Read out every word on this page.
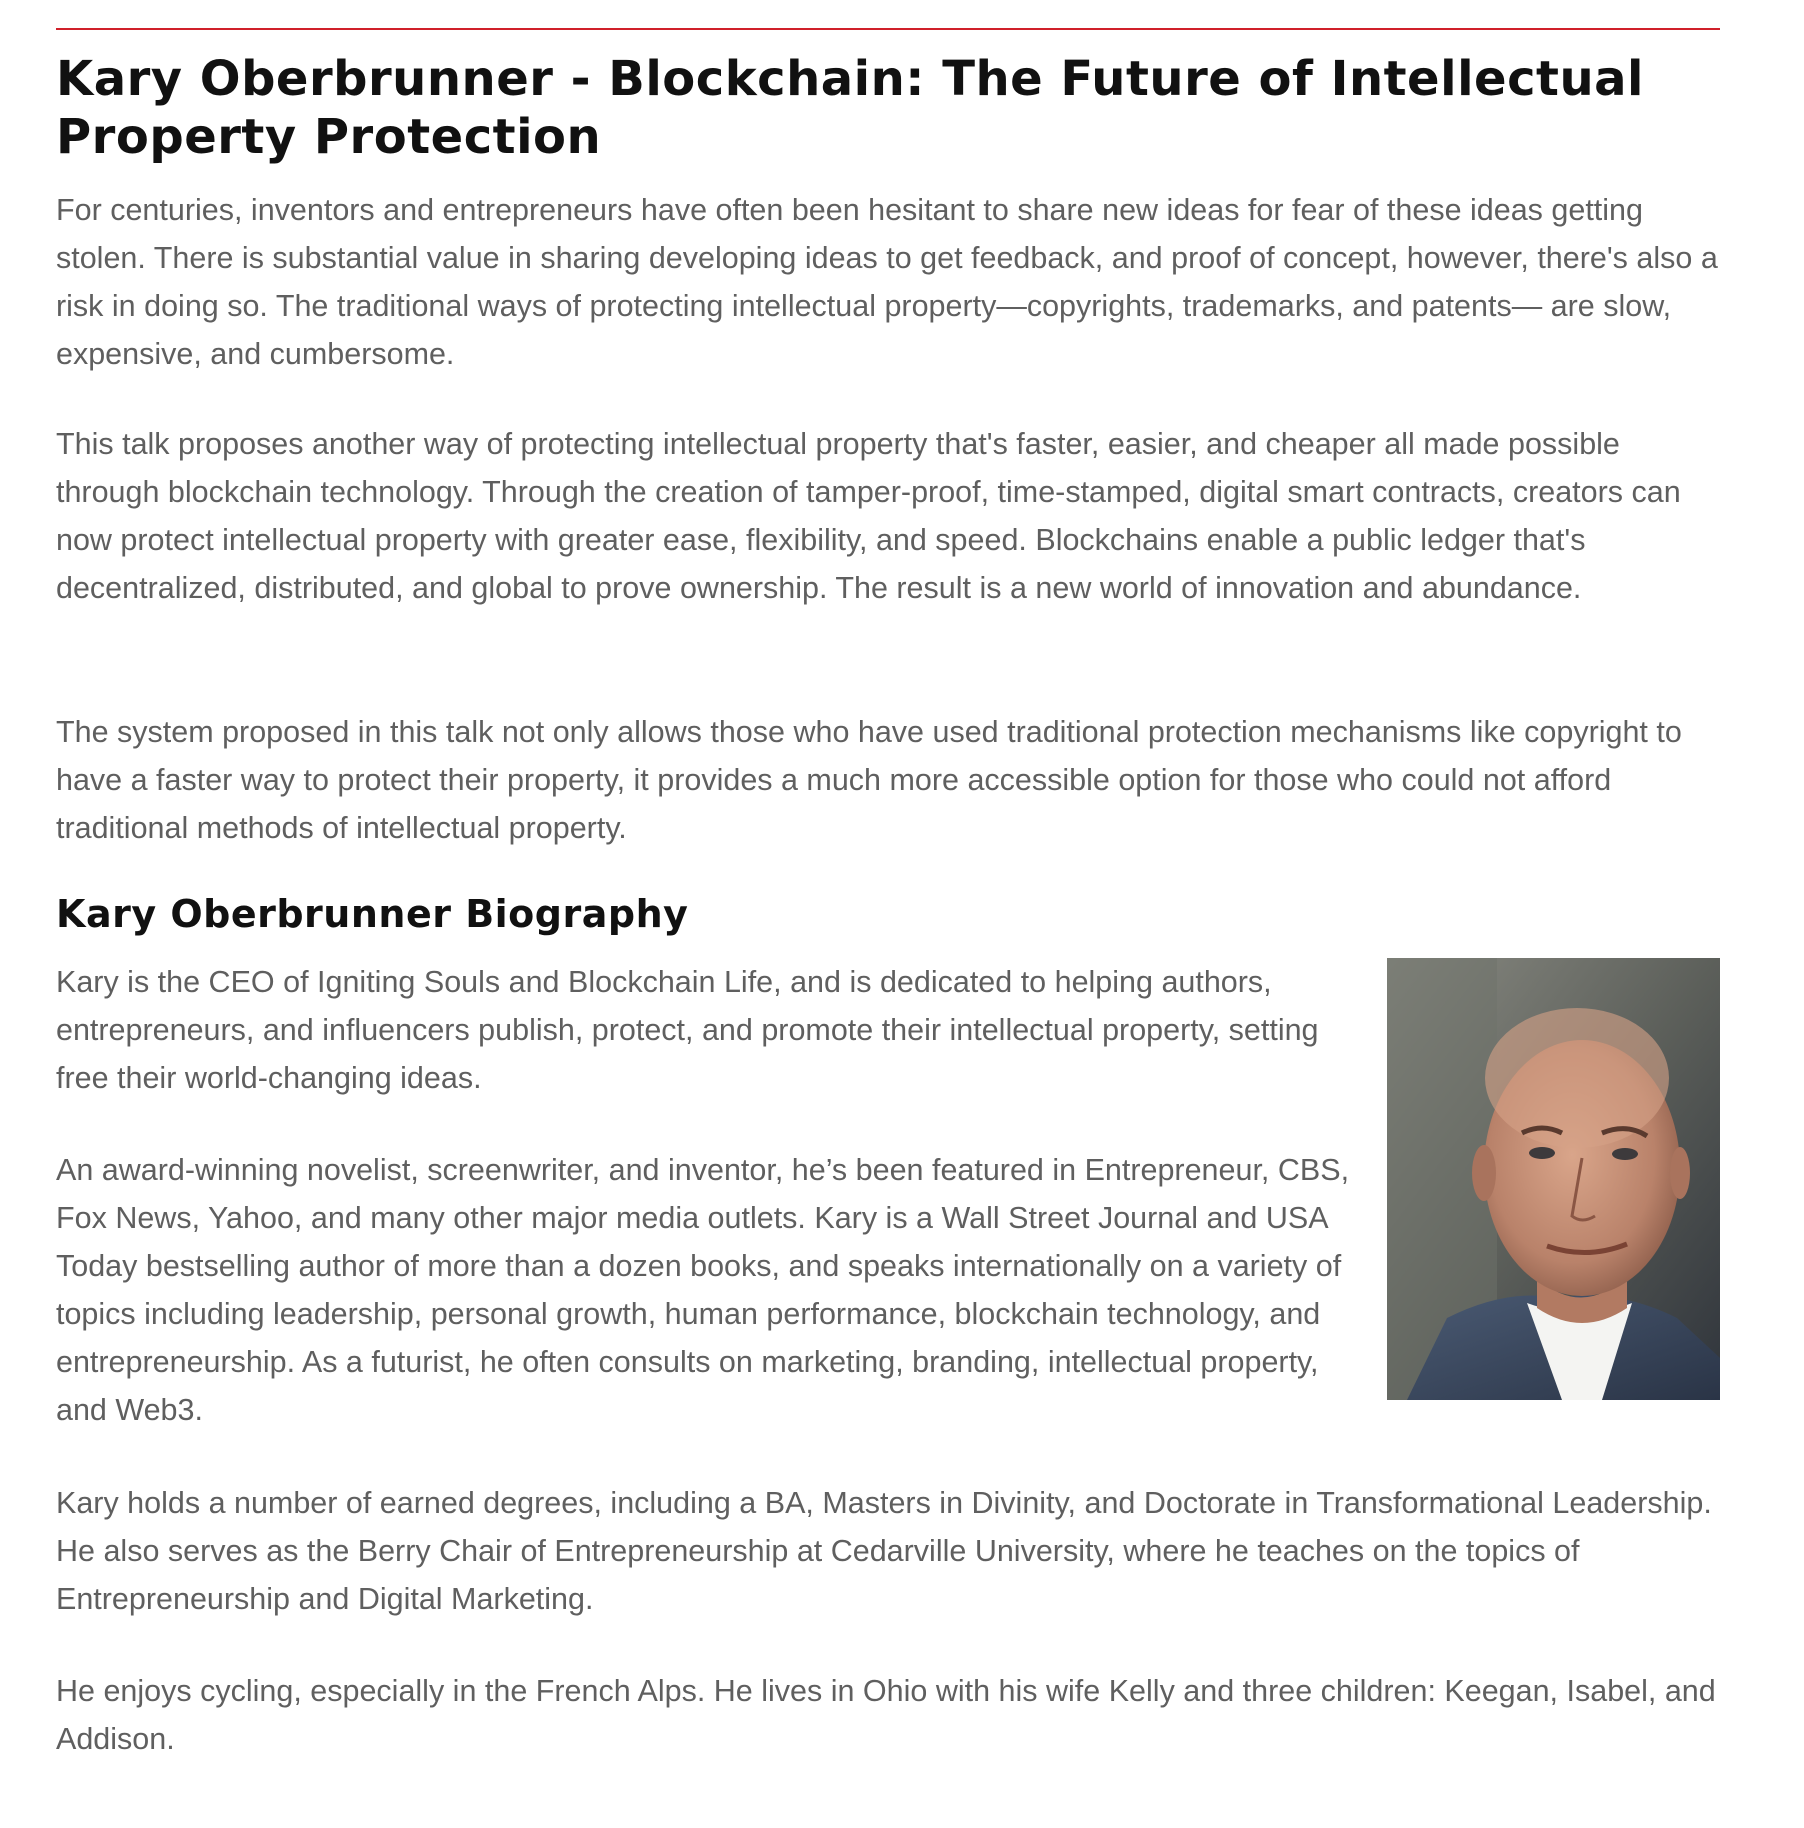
Kary Oberbrunner - Blockchain: The Future of Intellectual Property Protection

For centuries, inventors and entrepreneurs have often been hesitant to share new ideas for fear of these ideas getting stolen. There is substantial value in sharing developing ideas to get feedback, and proof of concept, however, there's also a risk in doing so. The traditional ways of protecting intellectual property—copyrights, trademarks, and patents— are slow, expensive, and cumbersome.

This talk proposes another way of protecting intellectual property that's faster, easier, and cheaper all made possible through blockchain technology. Through the creation of tamper-proof, time-stamped, digital smart contracts, creators can now protect intellectual property with greater ease, flexibility, and speed. Blockchains enable a public ledger that's decentralized, distributed, and global to prove ownership. The result is a new world of innovation and abundance.

The system proposed in this talk not only allows those who have used traditional protection mechanisms like copyright to have a faster way to protect their property, it provides a much more accessible option for those who could not afford traditional methods of intellectual property.

Kary Oberbrunner Biography

Kary is the CEO of Igniting Souls and Blockchain Life, and is dedicated to helping authors, entrepreneurs, and influencers publish, protect, and promote their intellectual property, setting free their world-changing ideas.

An award-winning novelist, screenwriter, and inventor, he’s been featured in Entrepreneur, CBS, Fox News, Yahoo, and many other major media outlets. Kary is a Wall Street Journal and USA Today bestselling author of more than a dozen books, and speaks internationally on a variety of topics including leadership, personal growth, human performance, blockchain technology, and entrepreneurship. As a futurist, he often consults on marketing, branding, intellectual property, and Web3.

Kary holds a number of earned degrees, including a BA, Masters in Divinity, and Doctorate in Transformational Leadership. He also serves as the Berry Chair of Entrepreneurship at Cedarville University, where he teaches on the topics of Entrepreneurship and Digital Marketing.

He enjoys cycling, especially in the French Alps. He lives in Ohio with his wife Kelly and three children: Keegan, Isabel, and Addison.
